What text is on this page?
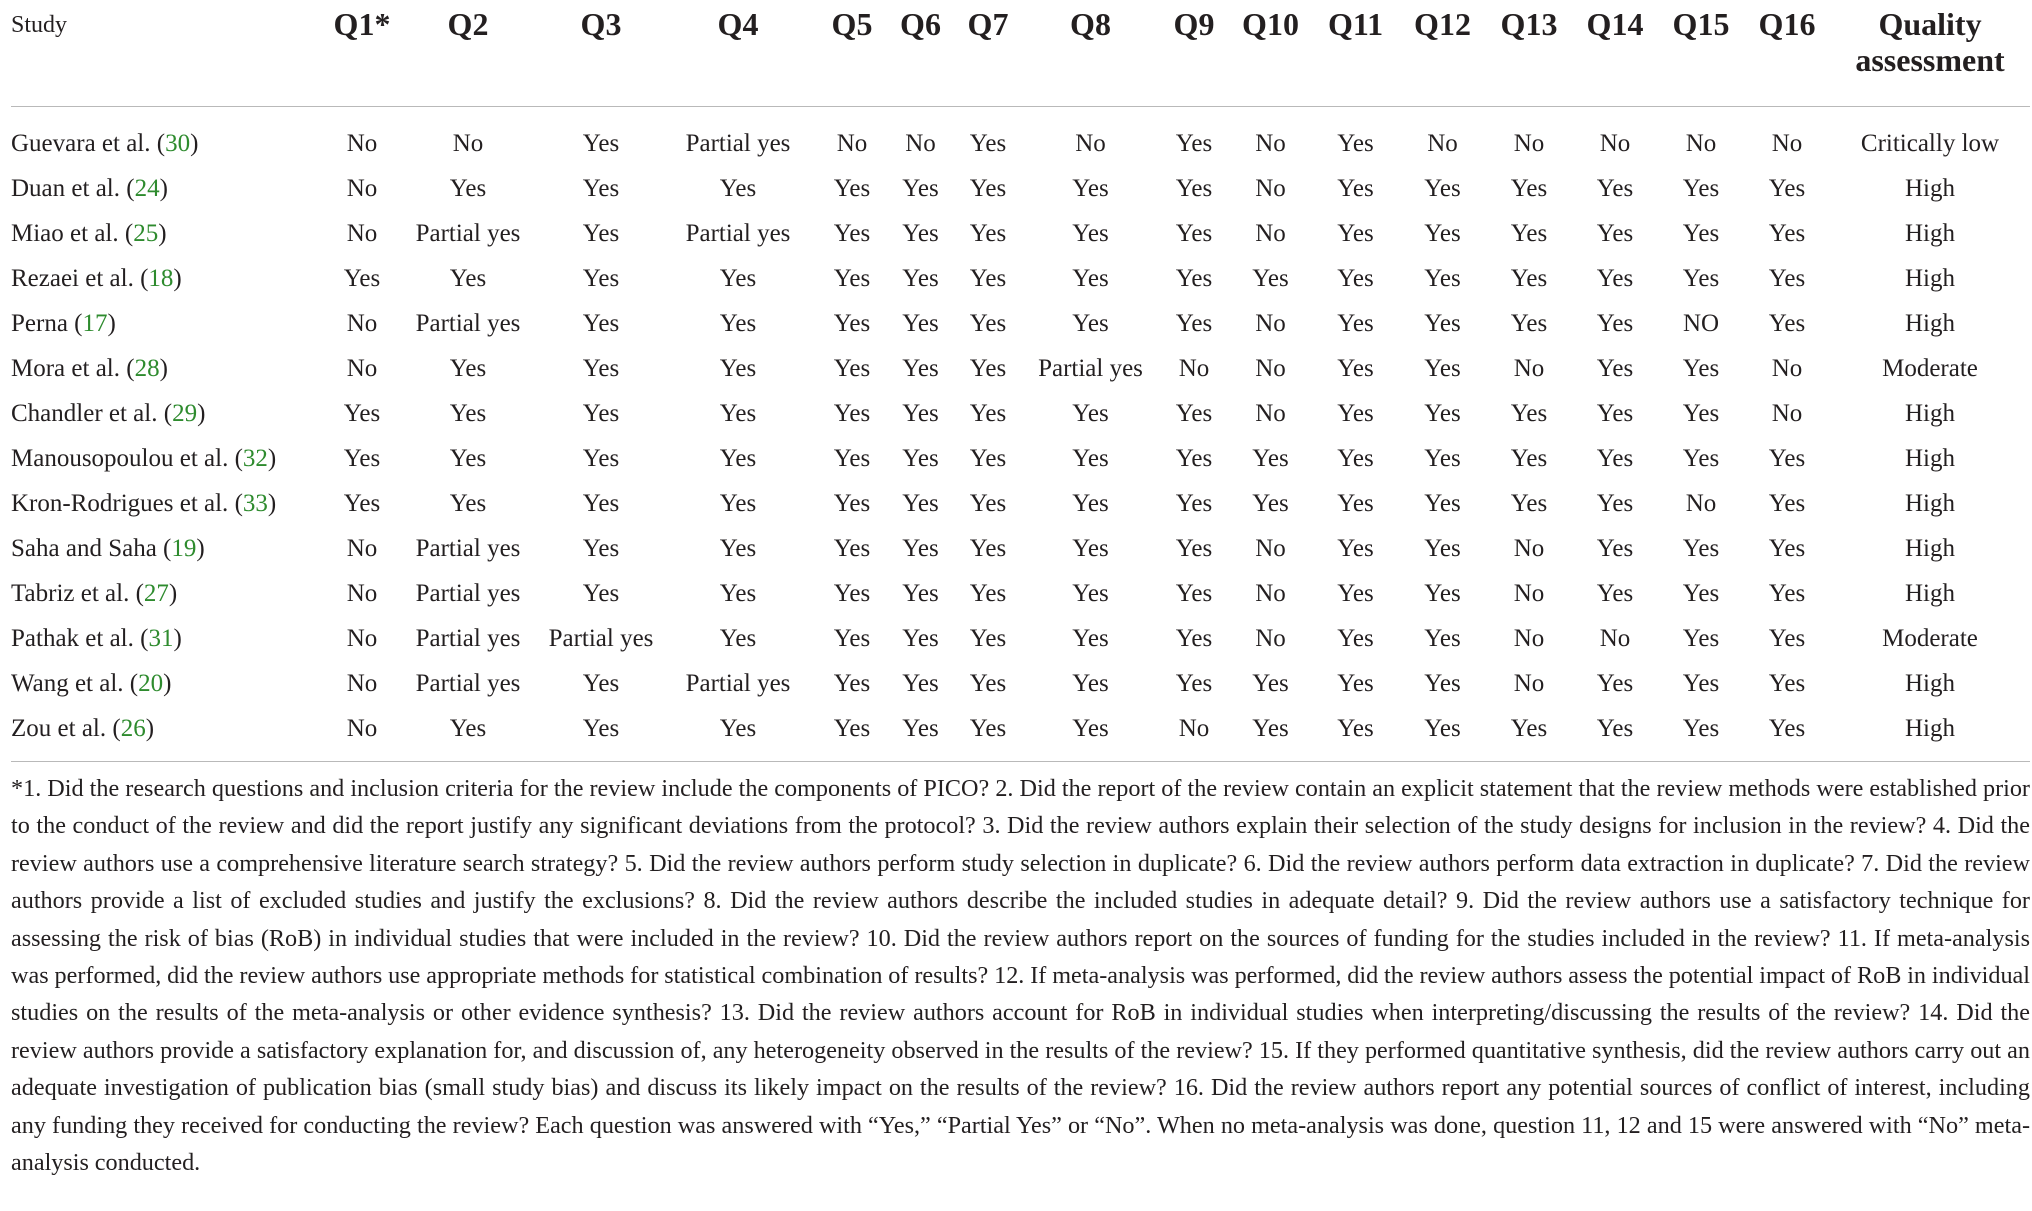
Study	Q1*	Q2	Q3	Q4	Q5	Q6	Q7	Q8	Q9	Q10	Q11	Q12	Q13	Q14	Q15	Q16	Quality
assessment
Guevara et al. (30)	No	No	Yes	Partial yes	No	No	Yes	No	Yes	No	Yes	No	No	No	No	No	Critically low
Duan et al. (24)	No	Yes	Yes	Yes	Yes	Yes	Yes	Yes	Yes	No	Yes	Yes	Yes	Yes	Yes	Yes	High
Miao et al. (25)	No	Partial yes	Yes	Partial yes	Yes	Yes	Yes	Yes	Yes	No	Yes	Yes	Yes	Yes	Yes	Yes	High
Rezaei et al. (18)	Yes	Yes	Yes	Yes	Yes	Yes	Yes	Yes	Yes	Yes	Yes	Yes	Yes	Yes	Yes	Yes	High
Perna (17)	No	Partial yes	Yes	Yes	Yes	Yes	Yes	Yes	Yes	No	Yes	Yes	Yes	Yes	NO	Yes	High
Mora et al. (28)	No	Yes	Yes	Yes	Yes	Yes	Yes	Partial yes	No	No	Yes	Yes	No	Yes	Yes	No	Moderate
Chandler et al. (29)	Yes	Yes	Yes	Yes	Yes	Yes	Yes	Yes	Yes	No	Yes	Yes	Yes	Yes	Yes	No	High
Manousopoulou et al. (32)	Yes	Yes	Yes	Yes	Yes	Yes	Yes	Yes	Yes	Yes	Yes	Yes	Yes	Yes	Yes	Yes	High
Kron-Rodrigues et al. (33)	Yes	Yes	Yes	Yes	Yes	Yes	Yes	Yes	Yes	Yes	Yes	Yes	Yes	Yes	No	Yes	High
Saha and Saha (19)	No	Partial yes	Yes	Yes	Yes	Yes	Yes	Yes	Yes	No	Yes	Yes	No	Yes	Yes	Yes	High
Tabriz et al. (27)	No	Partial yes	Yes	Yes	Yes	Yes	Yes	Yes	Yes	No	Yes	Yes	No	Yes	Yes	Yes	High
Pathak et al. (31)	No	Partial yes	Partial yes	Yes	Yes	Yes	Yes	Yes	Yes	No	Yes	Yes	No	No	Yes	Yes	Moderate
Wang et al. (20)	No	Partial yes	Yes	Partial yes	Yes	Yes	Yes	Yes	Yes	Yes	Yes	Yes	No	Yes	Yes	Yes	High
Zou et al. (26)	No	Yes	Yes	Yes	Yes	Yes	Yes	Yes	No	Yes	Yes	Yes	Yes	Yes	Yes	Yes	High

*1. Did the research questions and inclusion criteria for the review include the components of PICO? 2. Did the report of the review contain an explicit statement that the review methods were established prior to the conduct of the review and did the report justify any significant deviations from the protocol? 3. Did the review authors explain their selection of the study designs for inclusion in the review? 4. Did the review authors use a comprehensive literature search strategy? 5. Did the review authors perform study selection in duplicate? 6. Did the review authors perform data extraction in duplicate? 7. Did the review authors provide a list of excluded studies and justify the exclusions? 8. Did the review authors describe the included studies in adequate detail? 9. Did the review authors use a satisfactory technique for assessing the risk of bias (RoB) in individual studies that were included in the review? 10. Did the review authors report on the sources of funding for the studies included in the review? 11. If meta-analysis was performed, did the review authors use appropriate methods for statistical combination of results? 12. If meta-analysis was performed, did the review authors assess the potential impact of RoB in individual studies on the results of the meta-analysis or other evidence synthesis? 13. Did the review authors account for RoB in individual studies when interpreting/discussing the results of the review? 14. Did the review authors provide a satisfactory explanation for, and discussion of, any heterogeneity observed in the results of the review? 15. If they performed quantitative synthesis, did the review authors carry out an adequate investigation of publication bias (small study bias) and discuss its likely impact on the results of the review? 16. Did the review authors report any potential sources of conflict of interest, including any funding they received for conducting the review? Each question was answered with “Yes,” “Partial Yes” or “No”. When no meta-analysis was done, question 11, 12 and 15 were answered with “No” meta-analysis conducted.																	
